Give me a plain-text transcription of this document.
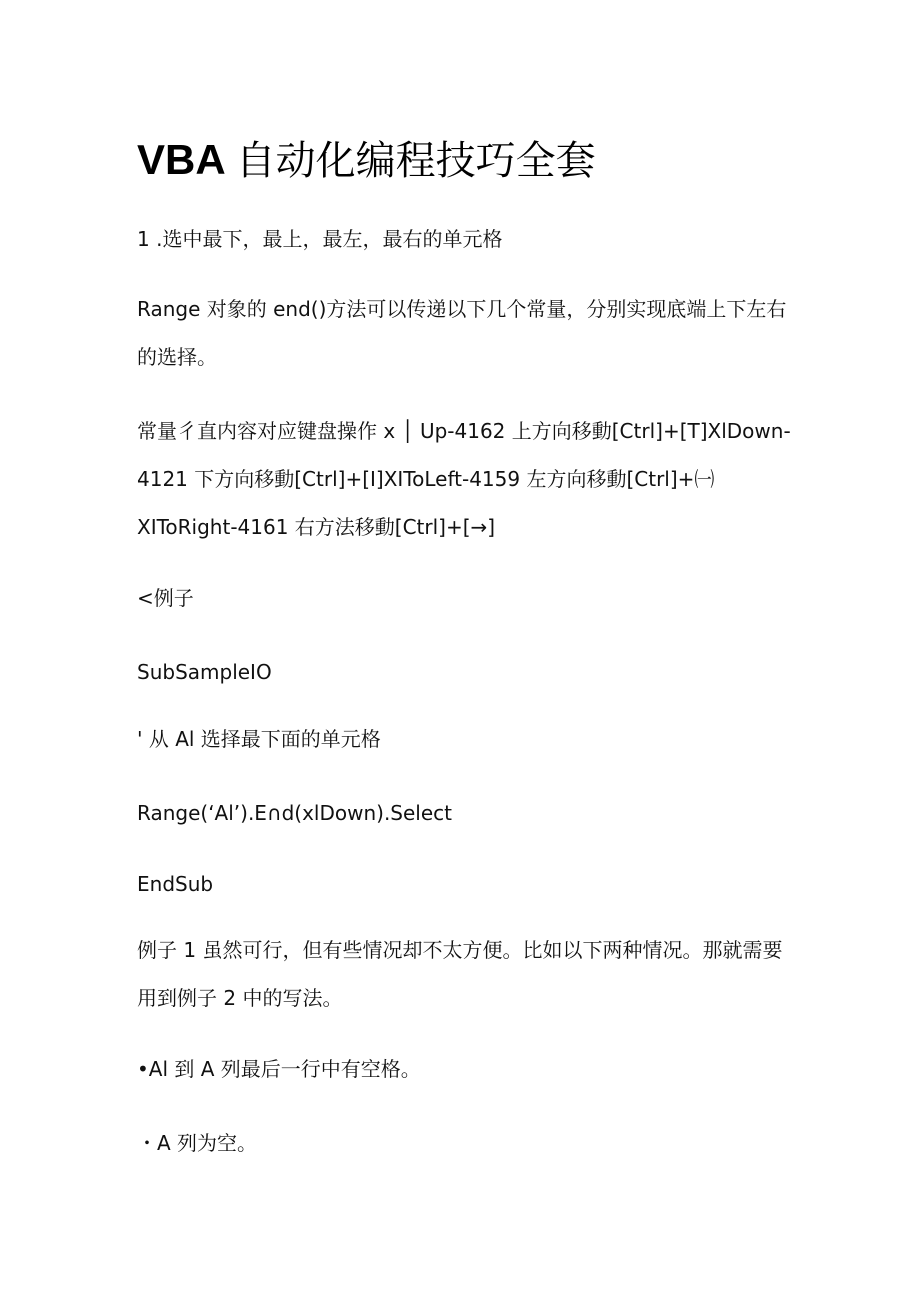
VBA 自动化编程技巧全套
1 .选中最下，最上，最左，最右的单元格
Range 对象的 end()方法可以传递以下几个常量，分别实现底端上下左右
的选择。
常量彳直内容对应键盘操作 x │ Up-4162 上方向移動[Ctrl]+[T]XlDown-
4121 下方向移動[Ctrl]+[I]XIToLeft-4159 左方向移動[Ctrl]+㈠
XIToRight-4161 右方法移動[Ctrl]+[→]
<例子
SubSampleIO
' 从 Al 选择最下面的单元格
Range(‘Al’).E∩d(xlDown).Select
EndSub
例子 1 虽然可行，但有些情况却不太方便。比如以下两种情况。那就需要
用到例子 2 中的写法。
•Al 到 A 列最后一行中有空格。
・A 列为空。
